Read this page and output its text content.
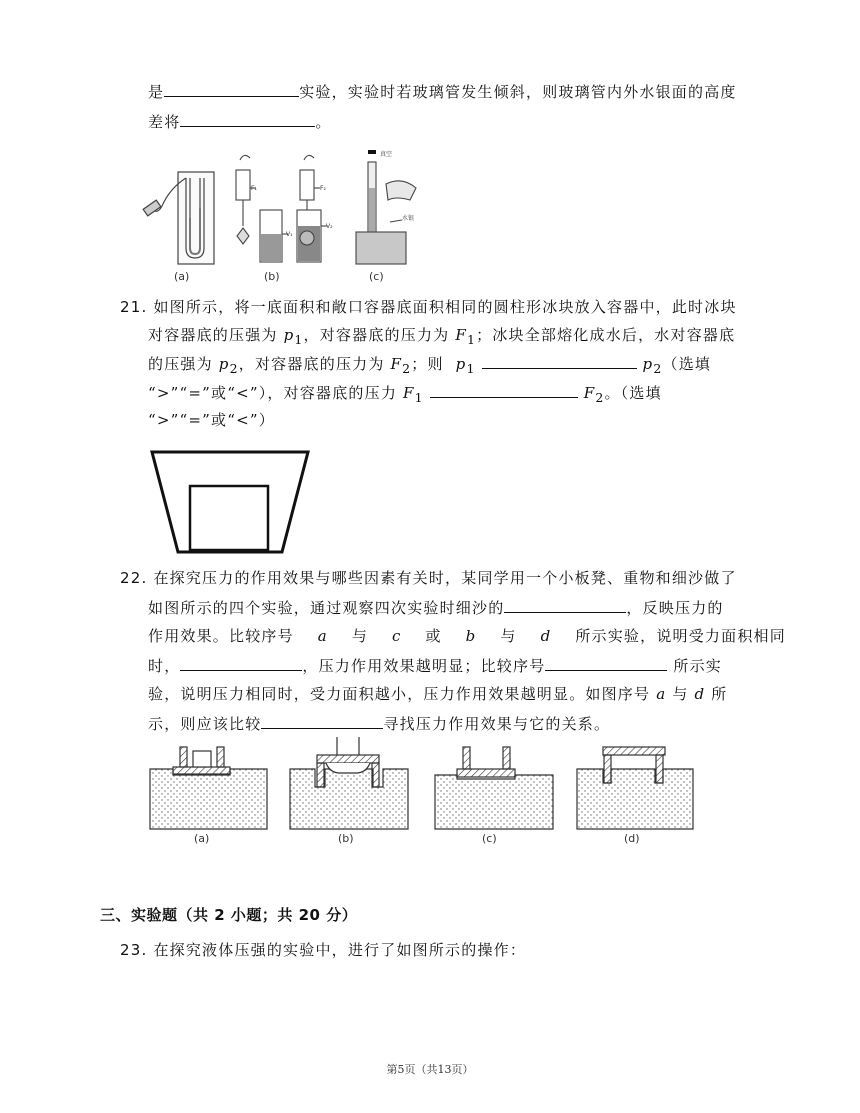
是	实验，实验时若玻璃管发生倾斜，则玻璃管内外水银面的高度
差将	。
F₁
V₁
F₂
V₂
真空
水银
(a)	(b)	(c)
21. 如图所示，将一底面积和敞口容器底面积相同的圆柱形冰块放入容器中，此时冰块
对容器底的压强为 $p_1$，对容器底的压力为 $F_1$；冰块全部熔化成水后，水对容器底
的压强为 $p_2$，对容器底的压力为 $F_2$；则 $p_1$	$p_2$（选填
“>”“=”或“<”），对容器底的压力 $F_1$	$F_2$。（选填
“>”“=”或“<”）
22. 在探究压力的作用效果与哪些因素有关时，某同学用一个小板凳、重物和细沙做了
如图所示的四个实验，通过观察四次实验时细沙的	，反映压力的
作用效果。比较序号 a 与 c 或 b 与 d 所示实验，说明受力面积相同
时，	，压力作用效果越明显；比较序号	所示实
验，说明压力相同时，受力面积越小，压力作用效果越明显。如图序号 a 与 d 所
示，则应该比较	寻找压力作用效果与它的关系。
(a)	(b)	(c)	(d)
三、实验题（共 2 小题；共 20 分）
23. 在探究液体压强的实验中，进行了如图所示的操作：
第5页（共13页）
